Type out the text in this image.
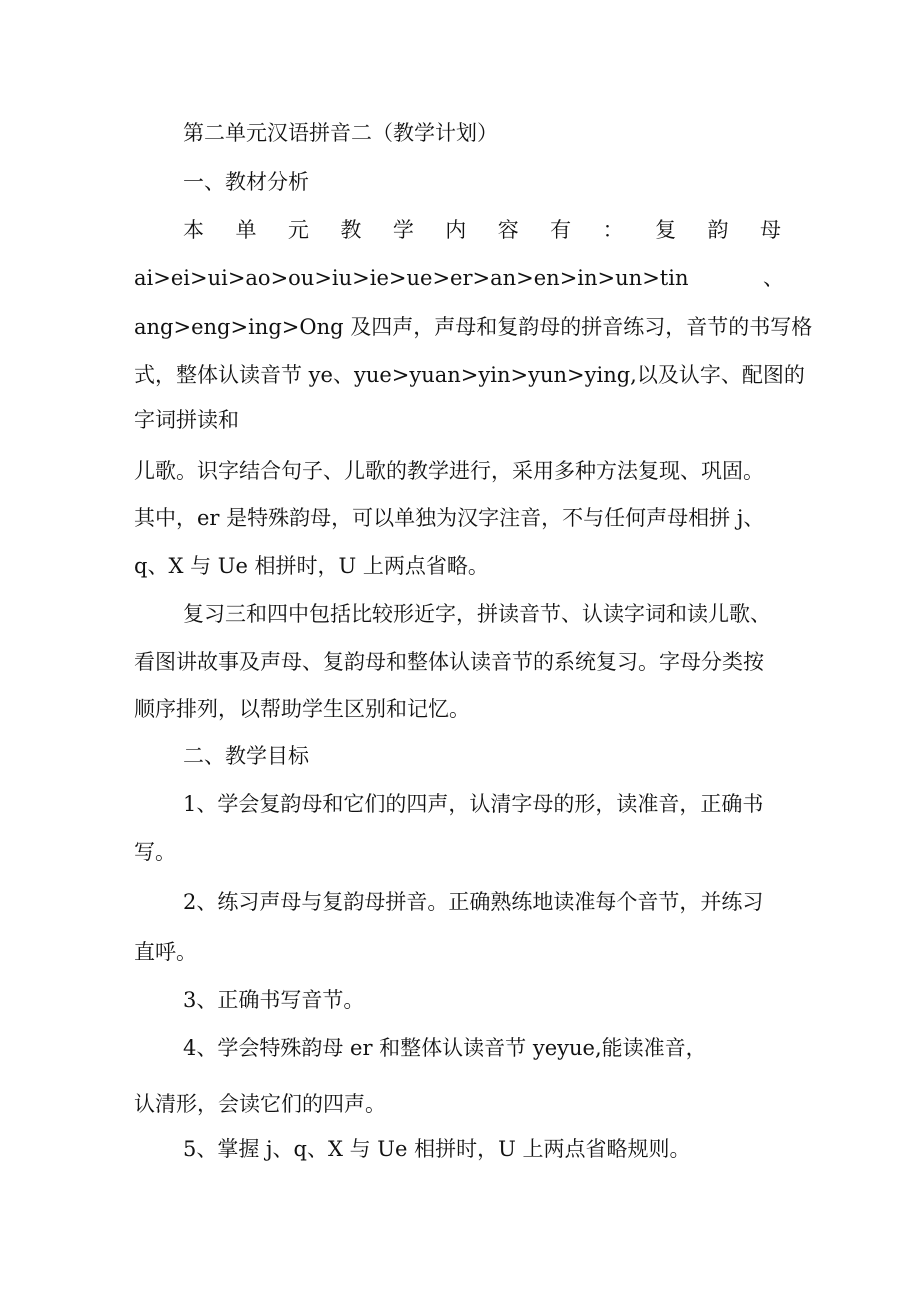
第二单元汉语拼音二（教学计划）

一、教材分析

本 单 元 教 学 内 容 有 ： 复 韵 母

ai>ei>ui>ao>ou>iu>ie>ue>er>an>en>in>un>tin	、

ang>eng>ing>Ong 及四声，声母和复韵母的拼音练习，音节的书写格

式，整体认读音节 ye、yue>yuan>yin>yun>ying,以及认字、配图的

字词拼读和

儿歌。识字结合句子、儿歌的教学进行，采用多种方法复现、巩固。

其中，er 是特殊韵母，可以单独为汉字注音，不与任何声母相拼 j、

q、X 与 Ue 相拼时，U 上两点省略。

复习三和四中包括比较形近字，拼读音节、认读字词和读儿歌、

看图讲故事及声母、复韵母和整体认读音节的系统复习。字母分类按

顺序排列，以帮助学生区别和记忆。

二、教学目标

1、学会复韵母和它们的四声，认清字母的形，读准音，正确书

写。

2、练习声母与复韵母拼音。正确熟练地读准每个音节，并练习

直呼。

3、正确书写音节。

4、学会特殊韵母 er 和整体认读音节 yeyue,能读准音，

认清形，会读它们的四声。

5、掌握 j、q、X 与 Ue 相拼时，U 上两点省略规则。
